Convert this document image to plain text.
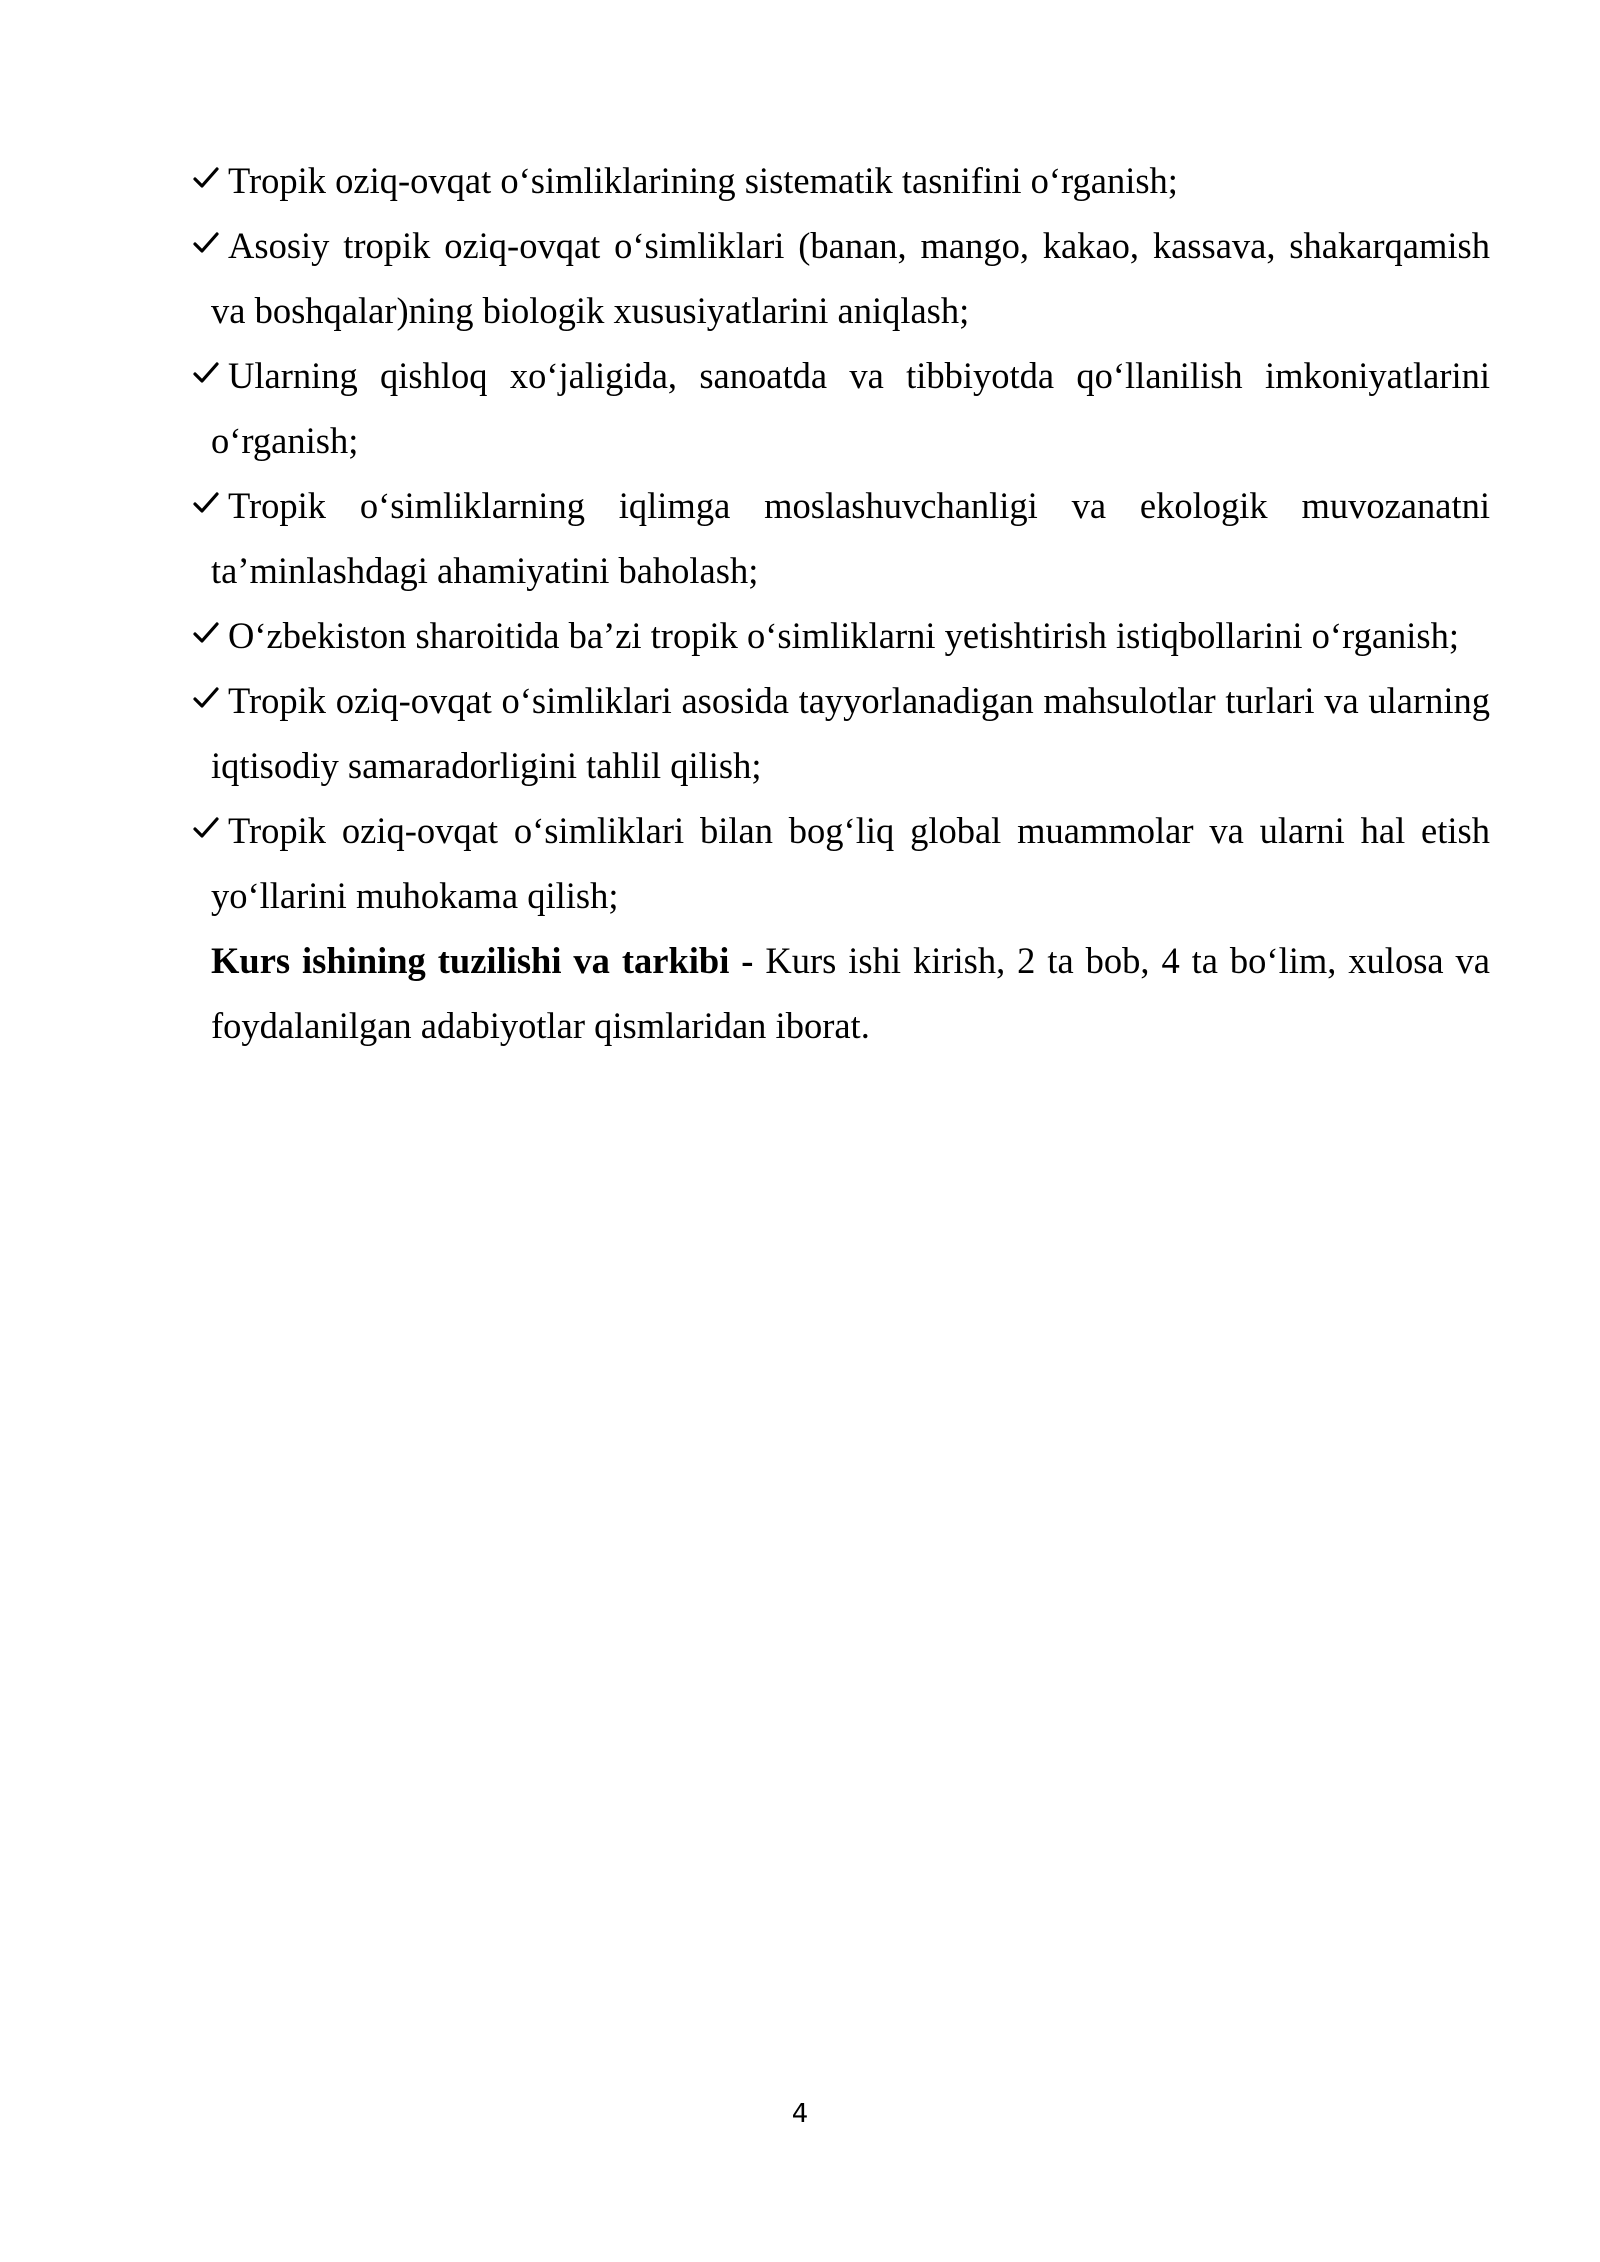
Tropik oziq-ovqat o‘simliklarining sistematik tasnifini o‘rganish;
Asosiy tropik oziq-ovqat o‘simliklari (banan, mango, kakao, kassava, shakarqamish va boshqalar)ning biologik xususiyatlarini aniqlash;
Ularning qishloq xo‘jaligida, sanoatda va tibbiyotda qo‘llanilish imkoniyatlarini o‘rganish;
Tropik o‘simliklarning iqlimga moslashuvchanligi va ekologik muvozanatni ta’minlashdagi ahamiyatini baholash;
O‘zbekiston sharoitida ba’zi tropik o‘simliklarni yetishtirish istiqbollarini o‘rganish;
Tropik oziq-ovqat o‘simliklari asosida tayyorlanadigan mahsulotlar turlari va ularning iqtisodiy samaradorligini tahlil qilish;
Tropik oziq-ovqat o‘simliklari bilan bog‘liq global muammolar va ularni hal etish yo‘llarini muhokama qilish;
Kurs ishining tuzilishi va tarkibi - Kurs ishi kirish, 2 ta bob, 4 ta bo‘lim, xulosa va foydalanilgan adabiyotlar qismlaridan iborat.
4
